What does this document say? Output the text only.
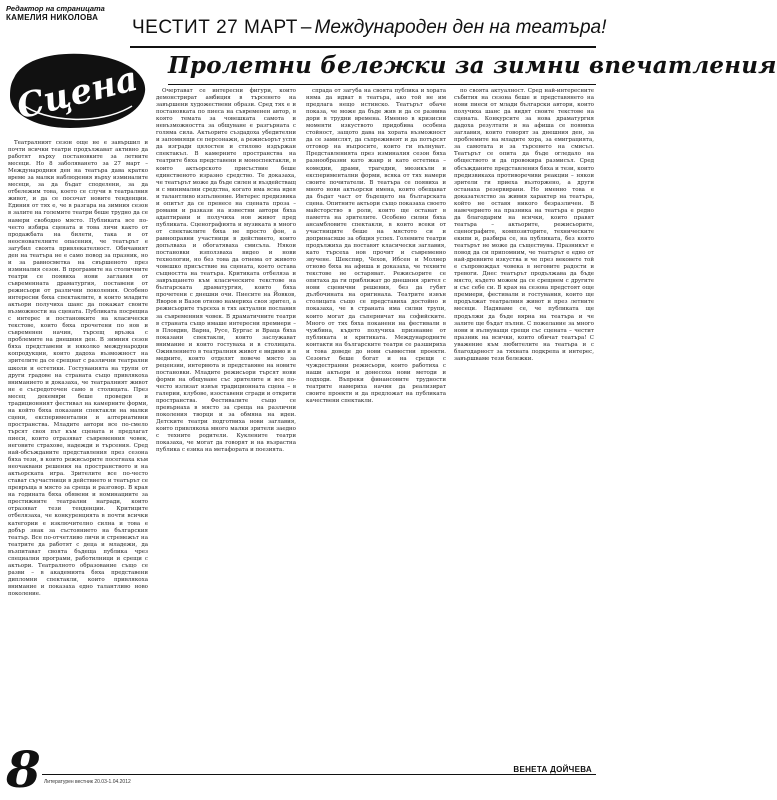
Редактор на страницата
КАМЕЛИЯ НИКОЛОВА	ЧЕСТИТ 27 МАРТ – Международен ден на театъра!
Сцена Пролетни бележки за зимни впечатления

Театралният сезон още не е завършил и почти всички театри продължават активно да работят върху постановките за летните месеци. Но 8 заболяването за 27 март – Международния ден на театъра дава кратко време за малки наблюдения върху изминалите месеци, за да бъдат споделени, за да отбележим това, което се случи в театралния живот, и да се посочат новите тенденции. Единия от тях е, че в разгара на зимния сезон в залите на големите театри беше трудно да се намери свободно място. Публиката все по-често избира сцената и това личи както от продажбата на билети, така и от неоснователните опасения, че театърът е загубил своята привлекателност. Обичаният ден на театъра не е само повод за празник, но и за равносметка на свършеното през изминалия сезон. В програмите на столичните театри се появиха нови заглавия от съвременната драматургия, поставени от режисьори от различни поколения. Особено интересни бяха спектаклите, в които младите актьори получиха шанс да покажат своите възможности на сцената. Публиката посрещна с интерес и постановките на класически текстове, които бяха прочетени по нов и съвременен начин, търсещ връзка с проблемите на днешния ден. В зимния сезон бяха представени и няколко международни копродукции, които дадоха възможност на зрителите да се срещнат с различни театрални школи и естетики. Гостуванията на трупи от други градове на страната също привлякоха вниманието и доказаха, че театралният живот не е съсредоточен само в столицата. През месец декември беше проведен и традиционният фестивал на камерните форми, на който бяха показани спектакли на малки сцени, експериментални и алтернативни пространства. Младите автори все по-смело търсят своя път към сцената и предлагат пиеси, които отразяват съвременния човек, неговите страхове, надежди и търсения. Сред най-обсъжданите представления през сезона бяха тези, в които режисьорите посегнаха към неочаквани решения на пространството и на актьорската игра. Зрителите все по-често стават съучастници в действието и театърът се превръща в място за среща и разговор. В края на годината бяха обявени и номинациите за престижните театрални награди, които отразяват тези тенденции. Критиците отбелязаха, че конкуренцията в почти всички категории е изключително силна и това е добър знак за състоянието на българския театър. Все по-отчетливо личи и стремежът на театрите да работят с деца и младежи, да възпитават своята бъдеща публика чрез специални програми, работилници и срещи с актьори. Театралното образование също се разви – в академията бяха представени дипломни спектакли, които привлякоха внимание и показаха едно талантливо ново поколение.

Очертават се интересни фигури, които демонстрират амбиция в търсенето на завършени художествени образи. Сред тях е и постановката по пиеса на съвременен автор, в която темата за човешката самота и невъзможността за общуване е разгърната с голяма сила. Актьорите създадоха убедителни и запомнящи се персонажи, а режисьорът успя да изгради цялостен и стилово издържан спектакъл. В камерните пространства на театрите бяха представени и моноспектакли, в които актьорското присъствие беше единственото изразно средство. Те доказаха, че театърът може да бъде силен и въздействащ и с минимални средства, когато има ясна идея и талантливо изпълнение. Интерес предизвика и опитът да се пренесе на сцената проза – романи и разкази на известни автори бяха адаптирани и получиха нов живот пред публиката. Сценографията и музиката в много от спектаклите бяха не просто фон, а равноправни участници в действието, които допълваха и обогатяваха смисъла. Някои постановки използваха видео и нови технологии, но без това да отнема от живото човешко присъствие на сцената, което остава същността на театъра. Критиката отбеляза и завръщането към класическите текстове на българската драматургия, които бяха прочетени с днешни очи. Пиесите на Йовков, Яворов и Вазов отново намериха своя зрител, а режисьорите търсеха в тях актуални послания за съвременния човек. В драматичните театри в страната също имаше интересни премиери – в Пловдив, Варна, Русе, Бургас и Враца бяха показани спектакли, които заслужават внимание и които гостуваха и в столицата. Оживлението в театралния живот е видимо и в медиите, които отделят повече място за рецензии, интервюта и представяне на новите постановки. Младите режисьори търсят нови форми на общуване със зрителите и все по-често излизат извън традиционната сцена – в галерии, клубове, изоставени сгради и открити пространства. Фестивалите също се превърнаха в място за среща на различни поколения творци и за обмяна на идеи. Детските театри подготвиха нови заглавия, които привлякоха много малки зрители заедно с техните родители. Куклените театри показаха, че могат да говорят и на възрастна публика с езика на метафората и поезията.

спрада от загуба на своята публика и хората няма да идват в театъра, ако той не им предлага нещо истинско. Театърът обаче показа, че може да бъде жив и да се развива дори в трудни времена. Именно в кризисни моменти изкуството придобива особена стойност, защото дава на хората възможност да се замислят, да съпреживеят и да потърсят отговор на въпросите, които ги вълнуват. Представленията през изминалия сезон бяха разнообразни като жанр и като естетика – комедии, драми, трагедии, мюзикъли и експериментални форми, всяка от тях намери своите почитатели. В театъра се появиха и много нови актьорски имена, които обещават да бъдат част от бъдещето на българската сцена. Опитните актьори също показаха своето майсторство в роли, които ще останат в паметта на зрителите. Особено силни бяха ансамбловите спектакли, в които всеки от участниците беше на мястото си и допринасяше за общия успех. Големите театри продължиха да поставят класически заглавия, като търсеха нов прочит и съвременно звучене. Шекспир, Чехов, Ибсен и Молиер отново бяха на афиша и доказаха, че техните текстове не остаряват. Режисьорите се опитаха да ги приближат до днешния зрител с нови сценични решения, без да губят дълбочината на оригинала. Театрите извън столицата също се представиха достойно и показаха, че в страната има силни трупи, които могат да съперничат на софийските. Много от тях бяха поканени на фестивали в чужбина, където получиха признание от публиката и критиката. Международните контакти на българските театри се разшириха и това доведе до нови съвместни проекти. Сезонът беше богат и на срещи с чуждестранни режисьори, които работиха с наши актьори и донесоха нови методи и подходи. Въпреки финансовите трудности театрите намериха начин да реализират своите проекти и да предложат на публиката качествени спектакли.

по своята актуалност. Сред най-интересните събития на сезона беше и представянето на нови пиеси от млади български автори, които получиха шанс да видят своите текстове на сцената. Конкурсите за нова драматургия дадоха резултати и на афиша се появиха заглавия, които говорят за днешния ден, за проблемите на младите хора, за емиграцията, за самотата и за търсенето на смисъл. Театърът се опита да бъде огледало на обществото и да провокира размисъл. Сред обсъжданите представления бяха и тези, които предизвикаха противоречиви реакции – някои зрители ги приеха възторжено, а други останаха резервирани. Но именно това е доказателство за живия характер на театъра, който не оставя никого безразличен. В навечерието на празника на театъра е редно да благодарим на всички, които правят театъра – актьорите, режисьорите, сценографите, композиторите, техническите екипи и, разбира се, на публиката, без която театърът не може да съществува. Празникът е повод да си припомним, че театърът е едно от най-древните изкуства и че през вековете той е съпровождал човека в неговите радости и тревоги. Днес театърът продължава да бъде място, където можем да се срещнем с другите и със себе си. В края на сезона предстоят още премиери, фестивали и гостувания, които ще продължат театралния живот и през летните месеци. Надяваме се, че публиката ще продължи да бъде вярна на театъра и че залите ще бъдат пълни. С пожелание за много нови и вълнуващи срещи със сцената – честит празник на всички, които обичат театъра! С уважение към любителите на театъра и с благодарност за тяхната подкрепа и интерес, завършваме тези бележки.

8 Литературен вестник 20.03-1.04.2012
ВЕНЕТА ДОЙЧЕВА
